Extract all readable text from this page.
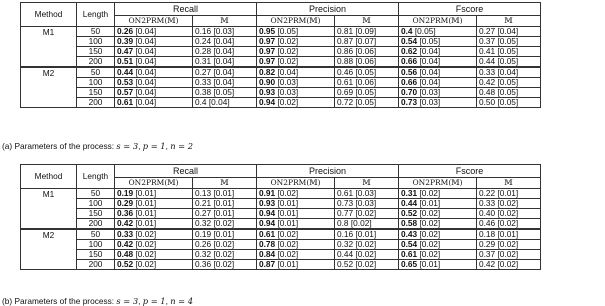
Method	Length	Recall		Precision		Fscore	
		ON2PRM(𝕄)	𝕄	ON2PRM(𝕄)	𝕄	ON2PRM(𝕄)	𝕄
M1	50	0.26 [0.04]	0.16 [0.03]	0.95 [0.05]	0.81 [0.09]	0.4 [0.05]	0.27 [0.04]
	100	0.39 [0.04]	0.24 [0.04]	0.97 [0.02]	0.87 [0.07]	0.54 [0.05]	0.37 [0.05]
	150	0.47 [0.04]	0.28 [0.04]	0.97 [0.02]	0.86 [0.06]	0.62 [0.04]	0.41 [0.05]
	200	0.51 [0.04]	0.31 [0.04]	0.97 [0.02]	0.88 [0.06]	0.66 [0.04]	0.44 [0.05]
M2	50	0.44 [0.04]	0.27 [0.04]	0.82 [0.04]	0.46 [0.05]	0.56 [0.04]	0.33 [0.04]
	100	0.53 [0.04]	0.33 [0.04]	0.90 [0.03]	0.61 [0.06]	0.66 [0.04]	0.42 [0.05]
	150	0.57 [0.04]	0.38 [0.05]	0.93 [0.03]	0.69 [0.05]	0.70 [0.03]	0.48 [0.05]
	200	0.61 [0.04]	0.4 [0.04]	0.94 [0.02]	0.72 [0.05]	0.73 [0.03]	0.50 [0.05]
(a) Parameters of the process: s = 3, p = 1, n = 2
Method	Length	Recall		Precision		Fscore	
		ON2PRM(𝕄)	𝕄	ON2PRM(𝕄)	𝕄	ON2PRM(𝕄)	𝕄
M1	50	0.19 [0.01]	0.13 [0.01]	0.91 [0.02]	0.61 [0.03]	0.31 [0.02]	0.22 [0.01]
	100	0.29 [0.01]	0.21 [0.01]	0.93 [0.01]	0.73 [0.03]	0.44 [0.01]	0.33 [0.02]
	150	0.36 [0.01]	0.27 [0.01]	0.94 [0.01]	0.77 [0.02]	0.52 [0.02]	0.40 [0.02]
	200	0.42 [0.01]	0.32 [0.02]	0.94 [0.01]	0.8 [0.02]	0.58 [0.02]	0.46 [0.02]
M2	50	0.33 [0.02]	0.19 [0.01]	0.61 [0.02]	0.16 [0.01]	0.43 [0.02]	0.18 [0.01]
	100	0.42 [0.02]	0.26 [0.02]	0.78 [0.02]	0.32 [0.02]	0.54 [0.02]	0.29 [0.02]
	150	0.48 [0.02]	0.32 [0.02]	0.84 [0.02]	0.44 [0.02]	0.61 [0.02]	0.37 [0.02]
	200	0.52 [0.02]	0.36 [0.02]	0.87 [0.01]	0.52 [0.02]	0.65 [0.01]	0.42 [0.02]
(b) Parameters of the process: s = 3, p = 1, n = 4
